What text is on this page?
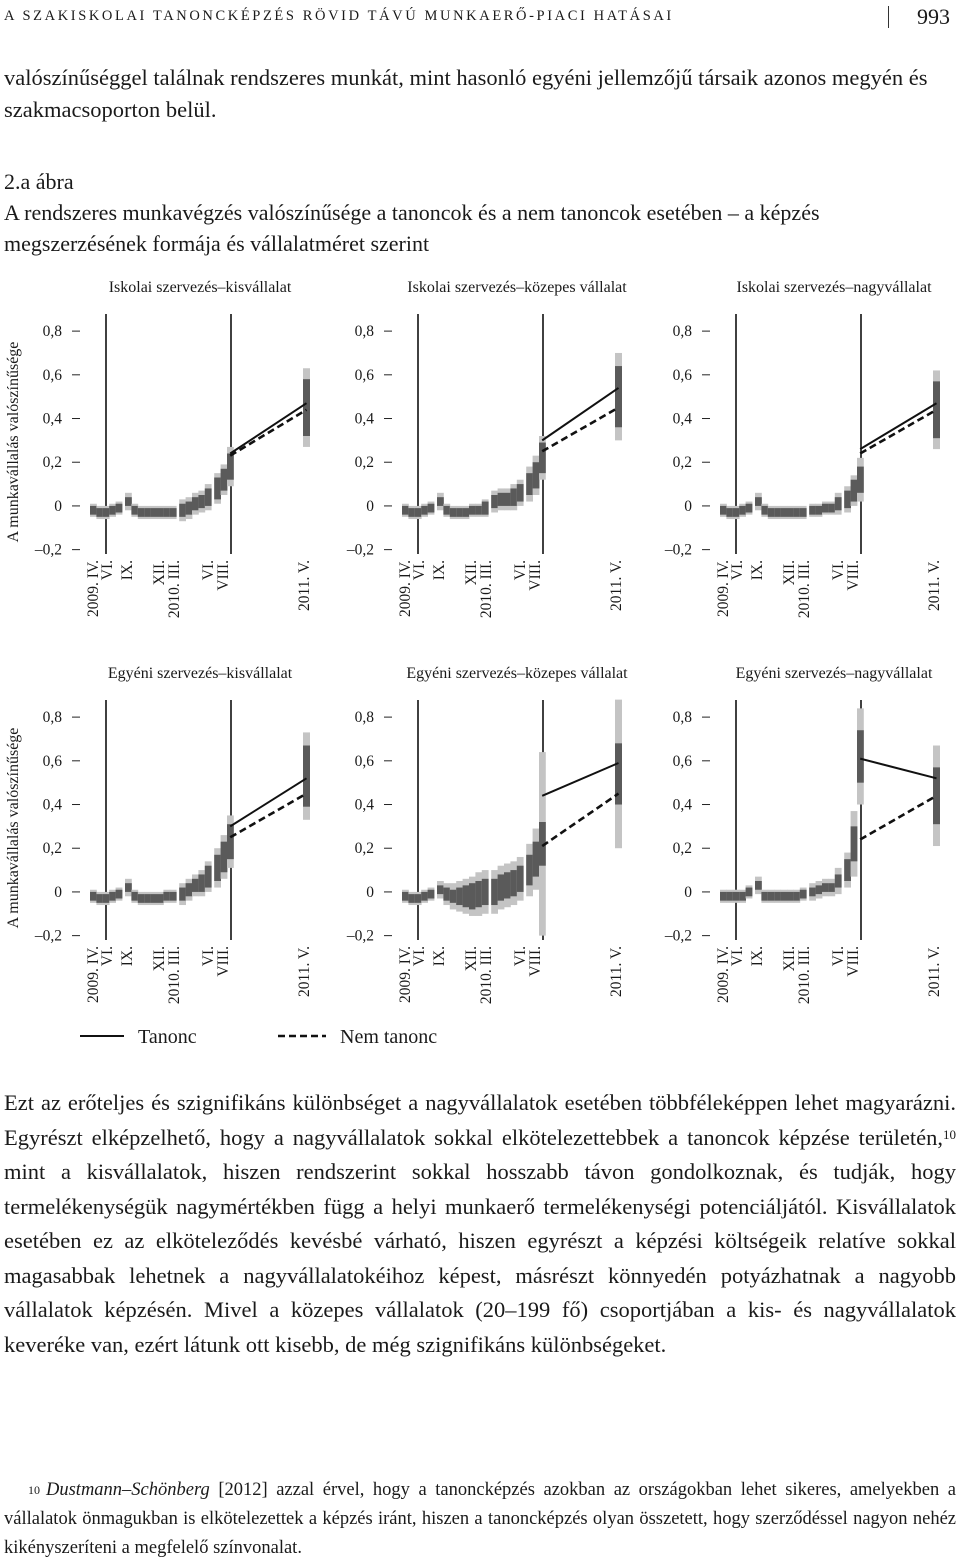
A SZAKISKOLAI TANONCKÉPZÉS RÖVID TÁVÚ MUNKAERŐ-PIACI HATÁSAI	993
valószínűséggel találnak rendszeres munkát, mint hasonló egyéni jellemzőjű társaik azonos megyén és szakmacsoporton belül.
2.a ábra
A rendszeres munkavégzés valószínűsége a tanoncok és a nem tanoncok esetében – a képzés megszerzésének formája és vállalatméret szerint
Iskolai szervezés–kisvállalat
0,8
0,6
0,4
0,2
0
–0,2
2009. IV.
VI. IX. XII.
2010. III. VI.
VIII.	2011. V.
Iskolai szervezés–közepes vállalat
0,8
0,6
0,4
0,2
0
–0,2
2009. IV.
VI. IX. XII.
2010. III. VI.
VIII.	2011. V.
Iskolai szervezés–nagyvállalat
0,8
0,6
0,4
0,2
0
–0,2
2009. IV.
VI. IX. XII.
2010. III. VI.
VIII.	2011. V.
Egyéni szervezés–kisvállalat
0,8
0,6
0,4
0,2
0
–0,2
2009. IV.
VI. IX. XII.
2010. III. VI.
VIII.	2011. V.
Egyéni szervezés–közepes vállalat
0,8
0,6
0,4
0,2
0
–0,2
2009. IV.
VI. IX. XII.
2010. III. VI.
VIII.	2011. V.
Egyéni szervezés–nagyvállalat
0,8
0,6
0,4
0,2
0
–0,2
2009. IV.
VI. IX. XII.
2010. III. VI.
VIII.	2011. V.
A munkavállalás valószínűsége
A munkavállalás valószínűsége
Tanonc	Nem tanonc

Ezt az erőteljes és szignifikáns különbséget a nagyvállalatok esetében többféleképpen lehet magyarázni. Egyrészt elképzelhető, hogy a nagyvállalatok sokkal elkötelezettebbek a tanoncok képzése területén,$^{10}$ mint a kisvállalatok, hiszen rendszerint sokkal hosszabb távon gondolkoznak, és tudják, hogy termelékenységük nagymértékben függ a helyi munkaerő termelékenységi potenciáljától. Kisvállalatok esetében ez az elköteleződés kevésbé várható, hiszen egyrészt a képzési költségeik relatíve sokkal magasabbak lehetnek a nagyvállalatokéihoz képest, másrészt könnyedén potyázhatnak a nagyobb vállalatok képzésén. Mivel a közepes vállalatok (20–199 fő) csoportjában a kis- és nagyvállalatok keveréke van, ezért látunk ott kisebb, de még szignifikáns különbségeket.

$^{10}$ Dustmann–Schönberg [2012] azzal érvel, hogy a tanoncképzés azokban az országokban lehet sikeres, amelyekben a vállalatok önmagukban is elkötelezettek a képzés iránt, hiszen a tanoncképzés olyan összetett, hogy szerződéssel nagyon nehéz kikényszeríteni a megfelelő színvonalat.
